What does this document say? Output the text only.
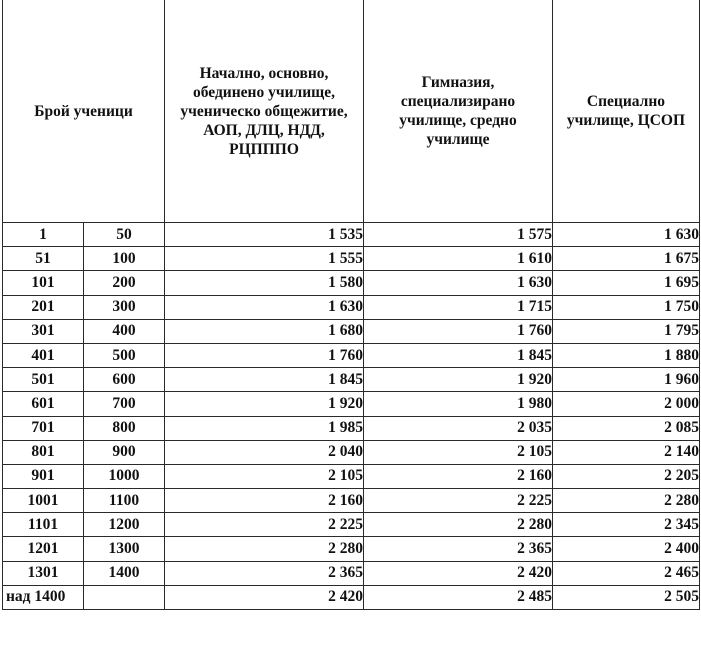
Брой ученици		Начално, основно, обединено училище, ученическо общежитие, АОП, ДЛЦ, НДД, РЦПППО	Гимназия, специализирано училище, средно училище	Специално училище, ЦСОП
1	50	1 535	1 575	1 630
51	100	1 555	1 610	1 675
101	200	1 580	1 630	1 695
201	300	1 630	1 715	1 750
301	400	1 680	1 760	1 795
401	500	1 760	1 845	1 880
501	600	1 845	1 920	1 960
601	700	1 920	1 980	2 000
701	800	1 985	2 035	2 085
801	900	2 040	2 105	2 140
901	1000	2 105	2 160	2 205
1001	1100	2 160	2 225	2 280
1101	1200	2 225	2 280	2 345
1201	1300	2 280	2 365	2 400
1301	1400	2 365	2 420	2 465
над 1400		2 420	2 485	2 505
